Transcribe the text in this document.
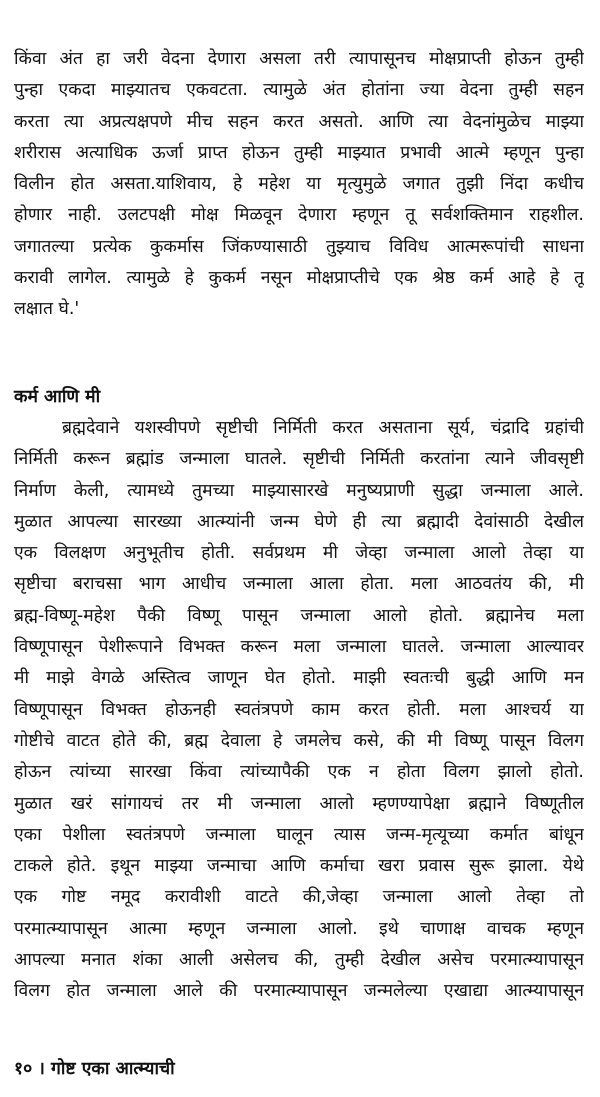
किंवा अंत हा जरी वेदना देणारा असला तरी त्यापासूनच मोक्षप्राप्ती होऊन तुम्ही
पुन्हा एकदा माझ्यातच एकवटता. त्यामुळे अंत होतांना ज्या वेदना तुम्ही सहन
करता त्या अप्रत्यक्षपणे मीच सहन करत असतो. आणि त्या वेदनांमुळेच माझ्या
शरीरास अत्याधिक ऊर्जा प्राप्त होऊन तुम्ही माझ्यात प्रभावी आत्मे म्हणून पुन्हा
विलीन होत असता.याशिवाय, हे महेश या मृत्युमुळे जगात तुझी निंदा कधीच
होणार नाही. उलटपक्षी मोक्ष मिळवून देणारा म्हणून तू सर्वशक्तिमान राहशील.
जगातल्या प्रत्येक कुकर्मास जिंकण्यासाठी तुझ्याच विविध आत्मरूपांची साधना
करावी लागेल. त्यामुळे हे कुकर्म नसून मोक्षप्राप्तीचे एक श्रेष्ठ कर्म आहे हे तू
लक्षात घे.'
कर्म आणि मी
ब्रह्मदेवाने यशस्वीपणे सृष्टीची निर्मिती करत असताना सूर्य, चंद्रादि ग्रहांची
निर्मिती करून ब्रह्मांड जन्माला घातले. सृष्टीची निर्मिती करतांना त्याने जीवसृष्टी
निर्माण केली, त्यामध्ये तुमच्या माझ्यासारखे मनुष्यप्राणी सुद्धा जन्माला आले.
मुळात आपल्या सारख्या आत्म्यांनी जन्म घेणे ही त्या ब्रह्मादी देवांसाठी देखील
एक विलक्षण अनुभूतीच होती. सर्वप्रथम मी जेव्हा जन्माला आलो तेव्हा या
सृष्टीचा बराचसा भाग आधीच जन्माला आला होता. मला आठवतंय की, मी
ब्रह्म-विष्णू-महेश पैकी विष्णू पासून जन्माला आलो होतो. ब्रह्मानेच मला
विष्णूपासून पेशीरूपाने विभक्त करून मला जन्माला घातले. जन्माला आल्यावर
मी माझे वेगळे अस्तित्व जाणून घेत होतो. माझी स्वतःची बुद्धी आणि मन
विष्णूपासून विभक्त होऊनही स्वतंत्रपणे काम करत होती. मला आश्चर्य या
गोष्टीचे वाटत होते की, ब्रह्म देवाला हे जमलेच कसे, की मी विष्णू पासून विलग
होऊन त्यांच्या सारखा किंवा त्यांच्यापैकी एक न होता विलग झालो होतो.
मुळात खरं सांगायचं तर मी जन्माला आलो म्हणण्यापेक्षा ब्रह्माने विष्णूतील
एका पेशीला स्वतंत्रपणे जन्माला घालून त्यास जन्म-मृत्यूच्या कर्मात बांधून
टाकले होते. इथून माझ्या जन्माचा आणि कर्माचा खरा प्रवास सुरू झाला. येथे
एक गोष्ट नमूद करावीशी वाटते की,जेव्हा जन्माला आलो तेव्हा तो
परमात्म्यापासून आत्मा म्हणून जन्माला आलो. इथे चाणाक्ष वाचक म्हणून
आपल्या मनात शंका आली असेलच की, तुम्ही देखील असेच परमात्म्यापासून
विलग होत जन्माला आले की परमात्म्यापासून जन्मलेल्या एखाद्या आत्म्यापासून

१० । गोष्ट एका आत्म्याची
